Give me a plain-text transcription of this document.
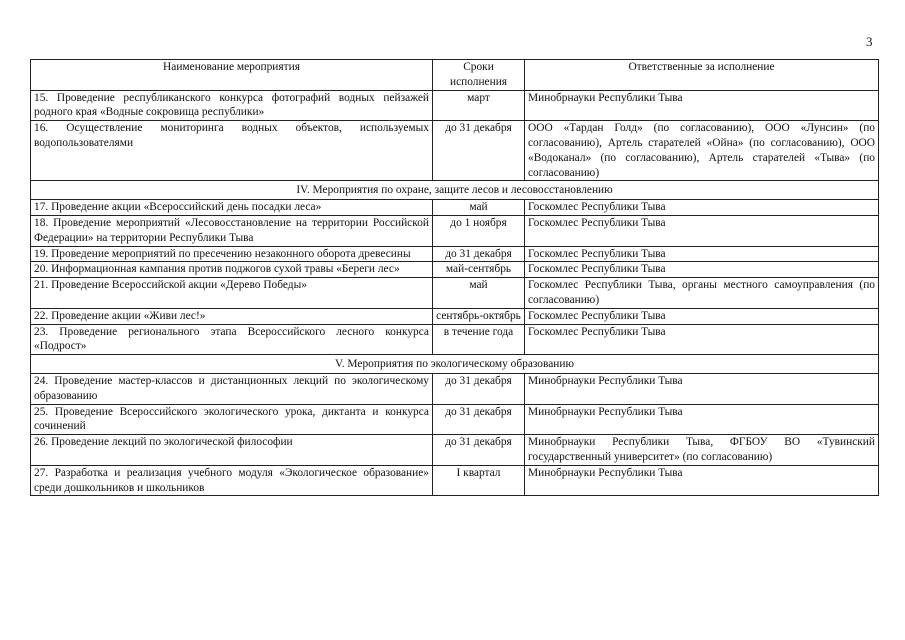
3
Наименование мероприятия	Сроки исполнения	Ответственные за исполнение
15. Проведение республиканского конкурса фотографий водных пейзажей родного края «Водные сокровища республики»	март	Минобрнауки Республики Тыва
16. Осуществление мониторинга водных объектов, используемых водопользователями	до 31 декабря	ООО «Тардан Голд» (по согласованию), ООО «Лунсин» (по согласованию), Артель старателей «Ойна» (по согласованию), ООО «Водоканал» (по согласованию), Артель старателей «Тыва» (по согласованию)
IV. Мероприятия по охране, защите лесов и лесовосстановлению		
17. Проведение акции «Всероссийский день посадки леса»	май	Госкомлес Республики Тыва
18. Проведение мероприятий «Лесовосстановление на территории Российской Федерации» на территории Республики Тыва	до 1 ноября	Госкомлес Республики Тыва
19. Проведение мероприятий по пресечению незаконного оборота древесины	до 31 декабря	Госкомлес Республики Тыва
20. Информационная кампания против поджогов сухой травы «Береги лес»	май-сентябрь	Госкомлес Республики Тыва
21. Проведение Всероссийской акции «Дерево Победы»	май	Госкомлес Республики Тыва, органы местного самоуправления (по согласованию)
22. Проведение акции «Живи лес!»	сентябрь-октябрь	Госкомлес Республики Тыва
23. Проведение регионального этапа Всероссийского лесного конкурса «Подрост»	в течение года	Госкомлес Республики Тыва
V. Мероприятия по экологическому образованию		
24. Проведение мастер-классов и дистанционных лекций по экологическому образованию	до 31 декабря	Минобрнауки Республики Тыва
25. Проведение Всероссийского экологического урока, диктанта и конкурса сочинений	до 31 декабря	Минобрнауки Республики Тыва
26. Проведение лекций по экологической философии	до 31 декабря	Минобрнауки Республики Тыва, ФГБОУ ВО «Тувинский государственный университет» (по согласованию)
27. Разработка и реализация учебного модуля «Экологическое образование» среди дошкольников и школьников	I квартал	Минобрнауки Республики Тыва
